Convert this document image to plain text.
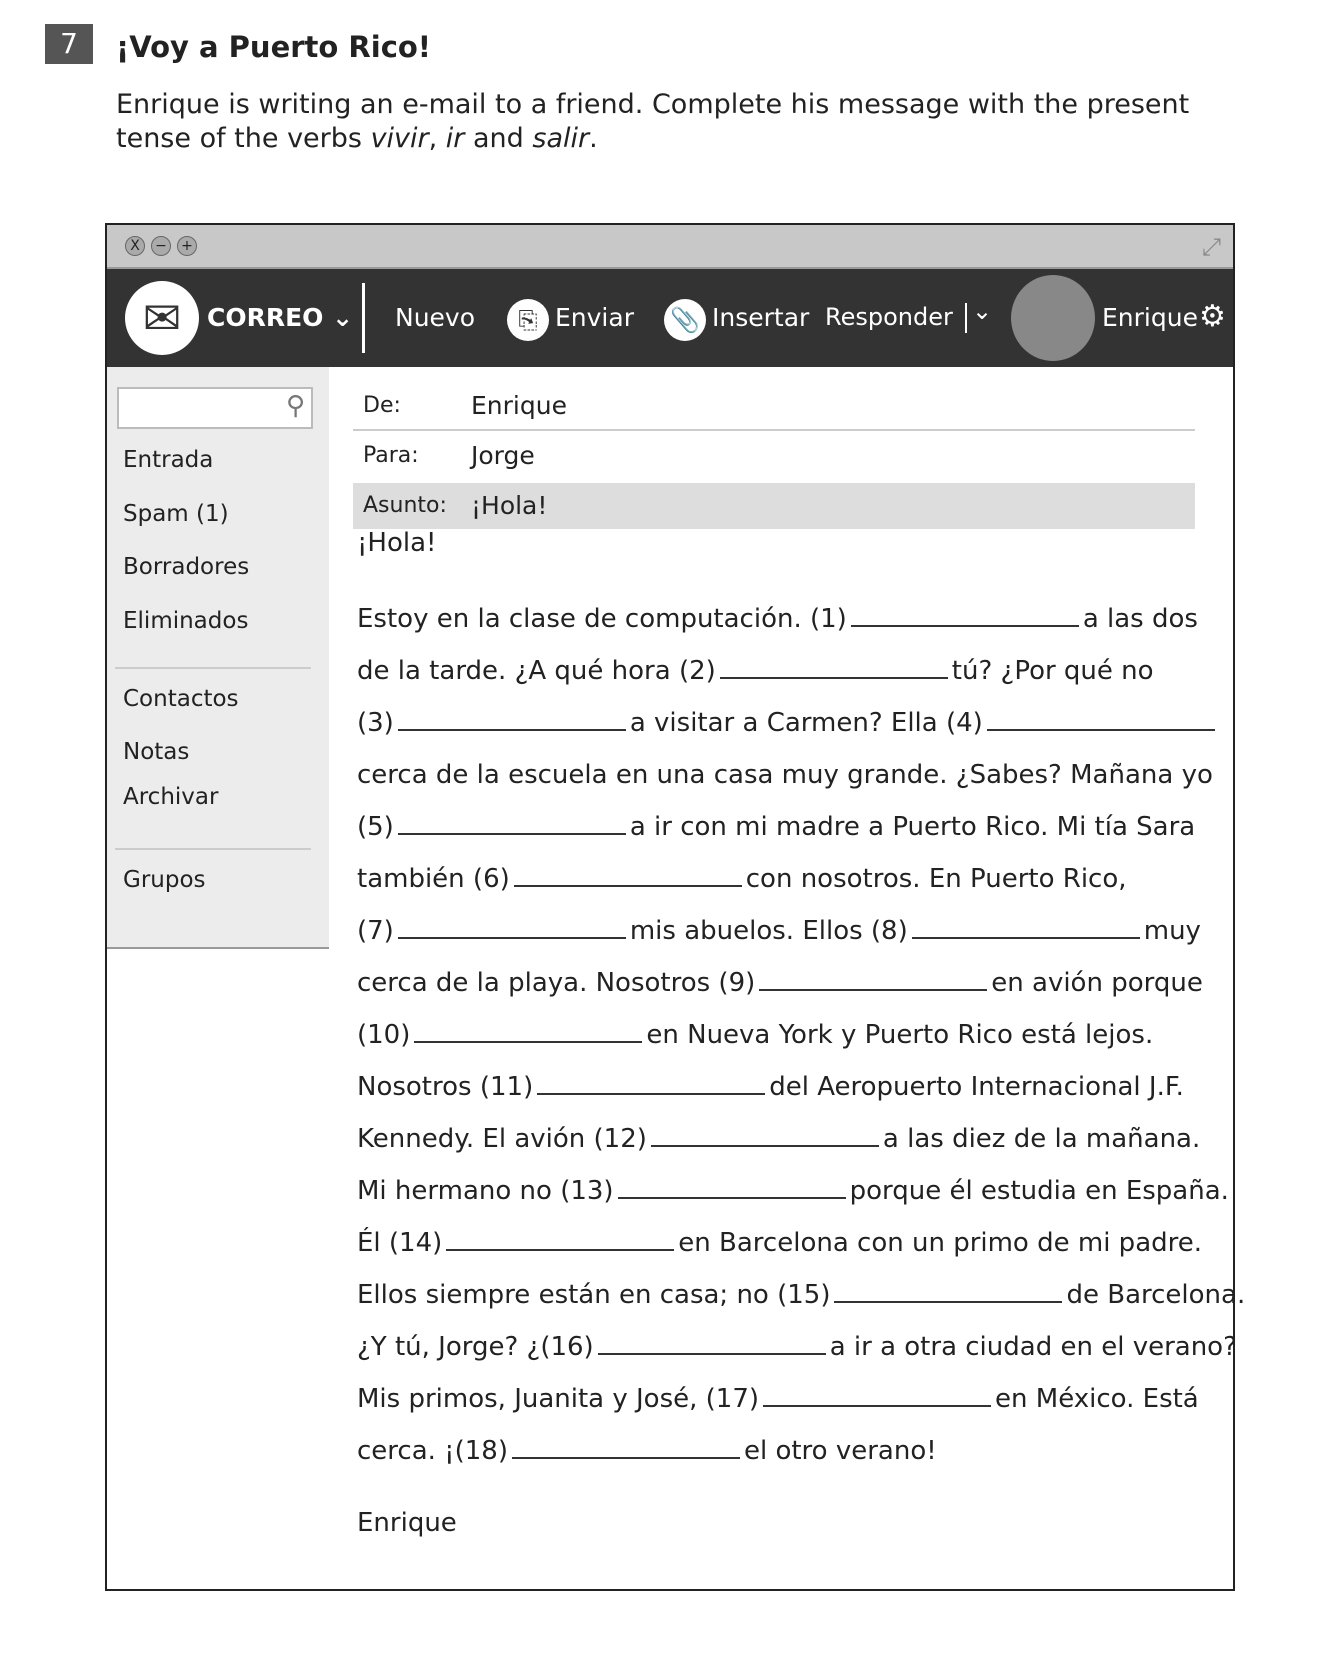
7	¡Voy a Puerto Rico!
Enrique is writing an e-mail to a friend. Complete his message with the present tense of the verbs vivir, ir and salir.
X	− +	⤢
✉	CORREO ⌄ Nuevo	⎘ Enviar 📎 Insertar Responder ⌄	Enrique ⚙
⚲
Entrada
Spam (1)
Borradores
Eliminados
Contactos
Notas
Archivar
Grupos
De:	Enrique
Para: Jorge
Asunto: ¡Hola!

¡Hola!

Estoy en la clase de computación. (1)	a las dos

de la tarde. ¿A qué hora (2)	tú? ¿Por qué no

(3)	a visitar a Carmen? Ella (4)

cerca de la escuela en una casa muy grande. ¿Sabes? Mañana yo

(5)	a ir con mi madre a Puerto Rico. Mi tía Sara

también (6)	con nosotros. En Puerto Rico,

(7)	mis abuelos. Ellos (8)	muy

cerca de la playa. Nosotros (9)	en avión porque

(10)	en Nueva York y Puerto Rico está lejos.

Nosotros (11)	del Aeropuerto Internacional J.F.

Kennedy. El avión (12)	a las diez de la mañana.

Mi hermano no (13)	porque él estudia en España.

Él (14)	en Barcelona con un primo de mi padre.

Ellos siempre están en casa; no (15)	de Barcelona.

¿Y tú, Jorge? ¿(16)	a ir a otra ciudad en el verano?

Mis primos, Juanita y José, (17)	en México. Está

cerca. ¡(18)	el otro verano!

Enrique
